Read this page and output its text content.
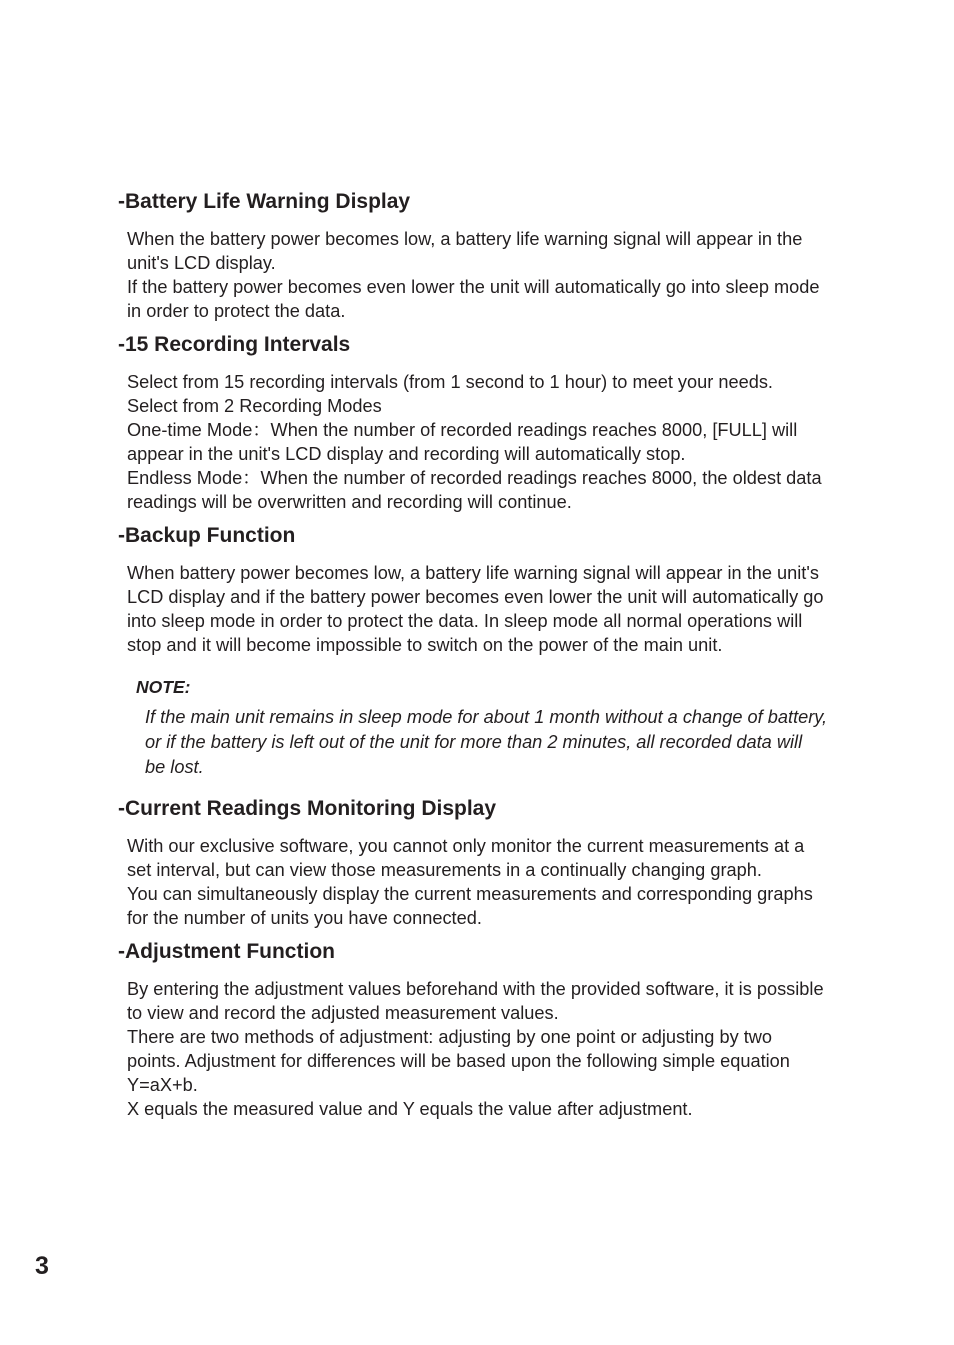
-Battery Life Warning Display
When the battery power becomes low, a battery life warning signal will appear in the
unit's LCD display.
If the battery power becomes even lower the unit will automatically go into sleep mode
in order to protect the data.
-15 Recording Intervals
Select from 15 recording intervals (from 1 second to 1 hour) to meet your needs.
Select from 2 Recording Modes
One-time Mode：When the number of recorded readings reaches 8000, [FULL] will
appear in the unit's LCD display and recording will automatically stop.
Endless Mode：When the number of recorded readings reaches 8000, the oldest data
readings will be overwritten and recording will continue.
-Backup Function
When battery power becomes low, a battery life warning signal will appear in the unit's
LCD display and if the battery power becomes even lower the unit will automatically go
into sleep mode in order to protect the data. In sleep mode all normal operations will
stop and it will become impossible to switch on the power of the main unit.
NOTE:
If the main unit remains in sleep mode for about 1 month without a change of battery,
or if the battery is left out of the unit for more than 2 minutes, all recorded data will
be lost.
-Current Readings Monitoring Display
With our exclusive software, you cannot only monitor the current measurements at a
set interval, but can view those measurements in a continually changing graph.
You can simultaneously display the current measurements and corresponding graphs
for the number of units you have connected.
-Adjustment Function
By entering the adjustment values beforehand with the provided software, it is possible
to view and record the adjusted measurement values.
There are two methods of adjustment: adjusting by one point or adjusting by two
points. Adjustment for differences will be based upon the following simple equation
Y=aX+b.
X equals the measured value and Y equals the value after adjustment.
3
